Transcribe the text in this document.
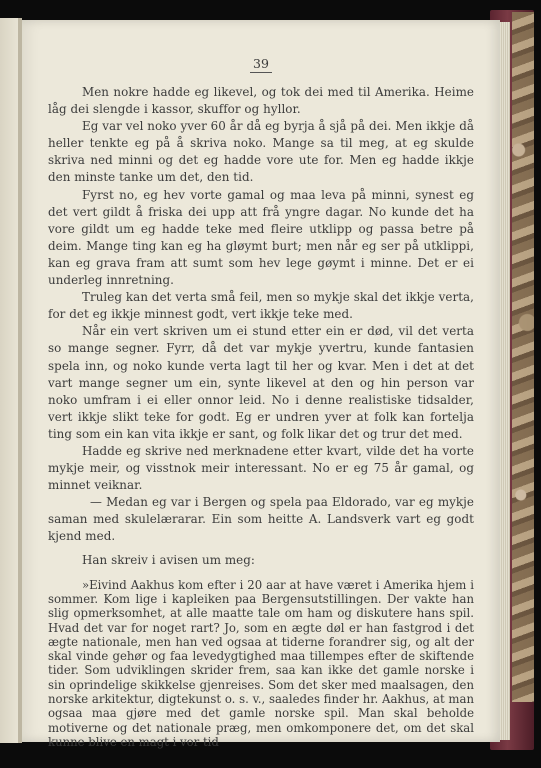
39

Men nokre hadde eg likevel, og tok dei med til Amerika. Heime låg dei slengde i kassor, skuffor og hyllor.

Eg var vel noko yver 60 år då eg byrja å sjå på dei. Men ikkje då heller tenkte eg på å skriva noko. Mange sa til meg, at eg skulde skriva ned minni og det eg hadde vore ute for. Men eg hadde ikkje den minste tanke um det, den tid.

Fyrst no, eg hev vorte gamal og maa leva på minni, synest eg det vert gildt å friska dei upp att frå yngre dagar. No kunde det ha vore gildt um eg hadde teke med fleire utklipp og passa betre på deim. Mange ting kan eg ha gløymt burt; men når eg ser på utklippi, kan eg grava fram att sumt som hev lege gøymt i minne. Det er ei underleg innretning.

Truleg kan det verta små feil, men so mykje skal det ikkje verta, for det eg ikkje minnest godt, vert ikkje teke med.

Når ein vert skriven um ei stund etter ein er død, vil det verta so mange segner. Fyrr, då det var mykje yvertru, kunde fantasien spela inn, og noko kunde verta lagt til her og kvar. Men i det at det vart mange segner um ein, synte likevel at den og hin person var noko umfram i ei eller onnor leid. No i denne realistiske tidsalder, vert ikkje slikt teke for godt. Eg er undren yver at folk kan fortelja ting som ein kan vita ikkje er sant, og folk likar det og trur det med.

Hadde eg skrive ned merknadene etter kvart, vilde det ha vorte mykje meir, og visstnok meir interessant. No er eg 75 år gamal, og minnet veiknar.

— Medan eg var i Bergen og spela paa Eldorado, var eg mykje saman med skulelærarar. Ein som heitte A. Landsverk vart eg godt kjend med.

Han skreiv i avisen um meg:

»Eivind Aakhus kom efter i 20 aar at have været i Amerika hjem i sommer. Kom lige i kapleiken paa Bergensutstillingen. Der vakte han slig opmerksomhet, at alle maatte tale om ham og diskutere hans spil. Hvad det var for noget rart? Jo, som en ægte døl er han fastgrod i det ægte nationale, men han ved ogsaa at tiderne forandrer sig, og alt der skal vinde gehør og faa levedygtighed maa tillempes efter de skiftende tider. Som udviklingen skrider frem, saa kan ikke det gamle norske i sin oprindelige skikkelse gjenreises. Som det sker med maalsagen, den norske arkitektur, digtekunst o. s. v., saaledes finder hr. Aakhus, at man ogsaa maa gjøre med det gamle norske spil. Man skal beholde motiverne og det nationale præg, men omkomponere det, om det skal kunne blive en magt i vor tid
